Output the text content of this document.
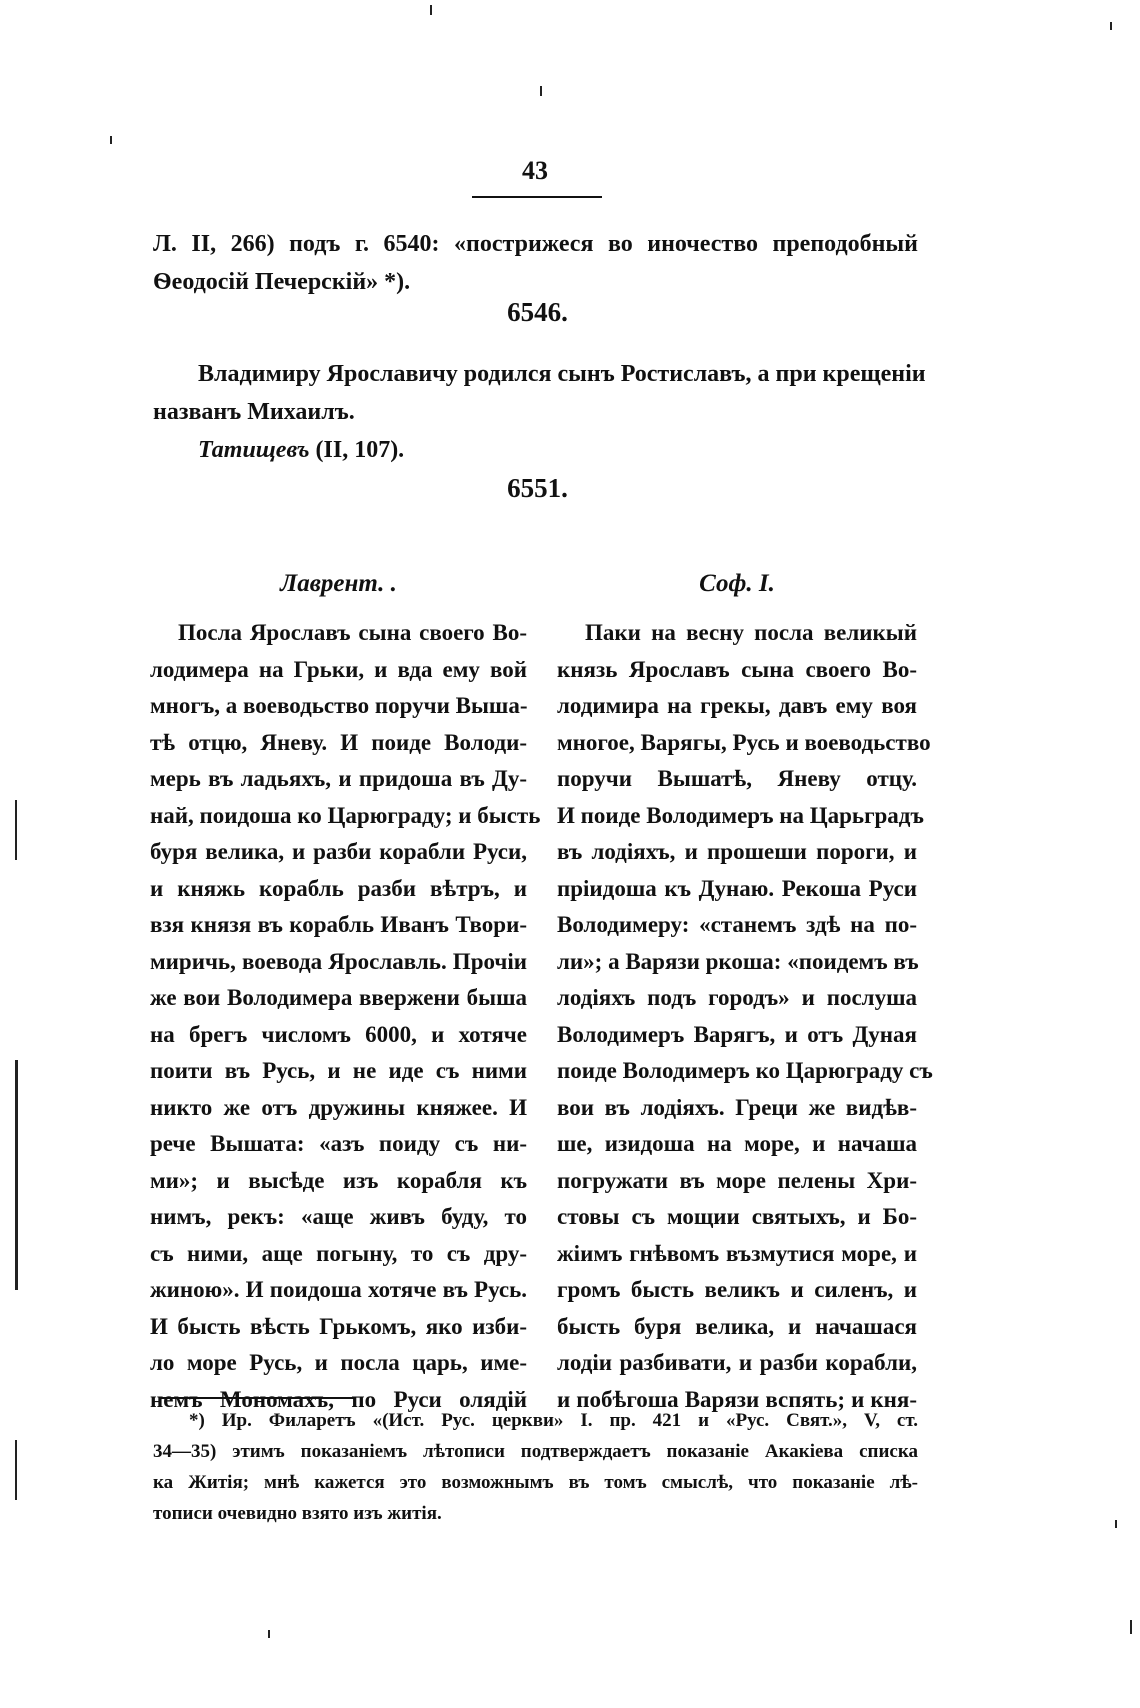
43
Л. II, 266) подъ г. 6540: «пострижеся во иночество преподобный
Ѳеодосій Печерскій» *).
6546.
Владимиру Ярославичу родился сынъ Ростиславъ, а при крещеніи
названъ Михаилъ.
Татищевъ (II, 107).
6551.
Лаврент. .	Соф. I.
Посла Ярославъ сына своего Во-
лодимера на Грьки, и вда ему вой
многъ, а воеводьство поручи Выша-
тѣ отцю, Яневу. И поиде Володи-
мерь въ ладьяхъ, и придоша въ Ду-
най, поидоша ко Царюграду; и бысть
буря велика, и разби корабли Руси,
и княжь корабль разби вѣтръ, и
взя князя въ корабль Иванъ Твори-
миричь, воевода Ярославль. Прочіи
же вои Володимера ввержени быша
на брегъ числомъ 6000, и хотяче
поити въ Русь, и не иде съ ними
никто же отъ дружины княжее. И
рече Вышата: «азъ поиду съ ни-
ми»; и высѣде изъ корабля къ
нимъ, рекъ: «аще живъ буду, то
съ ними, аще погыну, то съ дру-
жиною». И поидоша хотяче въ Русь.
И бысть вѣсть Грькомъ, яко изби-
ло море Русь, и посла царь, име-
немъ Мономахъ, по Руси олядій
Паки на весну посла великый
князь Ярославъ сына своего Во-
лодимира на грекы, давъ ему воя
многое, Варягы, Русь и воеводьство
поручи Вышатѣ, Яневу отцу.
И поиде Володимеръ на Царьградъ
въ лодіяхъ, и прошеши пороги, и
пріидоша къ Дунаю. Рекоша Руси
Володимеру: «станемъ здѣ на по-
ли»; а Варязи ркоша: «поидемъ въ
лодіяхъ подъ городъ» и послуша
Володимеръ Варягъ, и отъ Дуная
поиде Володимеръ ко Царюграду съ
вои въ лодіяхъ. Греци же видѣв-
ше, изидоша на море, и начаша
погружати въ море пелены Хри-
стовы съ мощии святыхъ, и Бо-
жіимъ гнѣвомъ възмутися море, и
громъ бысть великъ и силенъ, и
бысть буря велика, и начашася
лодіи разбивати, и разби корабли,
и побѣгоша Варязи вспять; и кня-
*) Ир. Филаретъ «(Ист. Рус. церкви» I. пр. 421 и «Рус. Свят.», V, ст.
34—35) этимъ показаніемъ лѣтописи подтверждаетъ показаніе Акакіева списка
ка Житія; мнѣ кажется это возможнымъ въ томъ смыслѣ, что показаніе лѣ-
тописи очевидно взято изъ житія.
